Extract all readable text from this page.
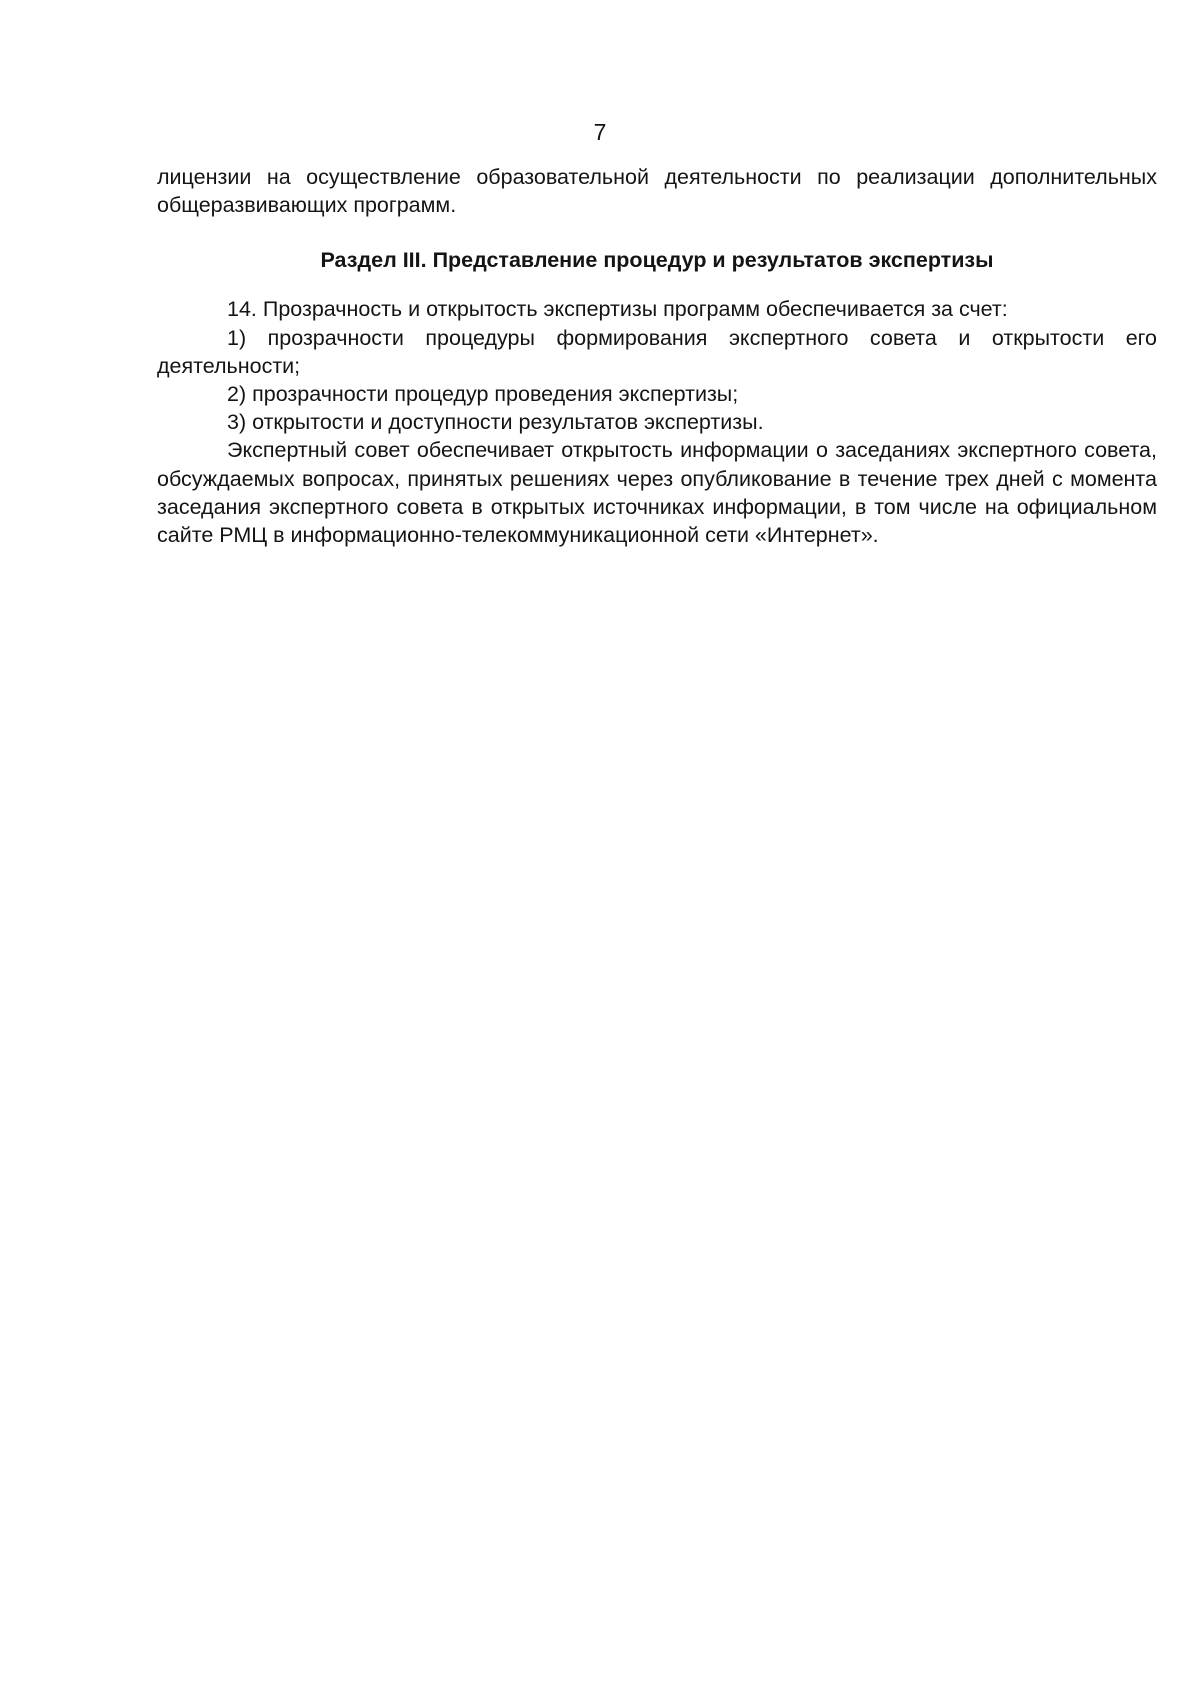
7

лицензии на осуществление образовательной деятельности по реализации дополнительных общеразвивающих программ.

Раздел III. Представление процедур и результатов экспертизы

14. Прозрачность и открытость экспертизы программ обеспечивается за счет:

1) прозрачности процедуры формирования экспертного совета и открытости его деятельности;

2) прозрачности процедур проведения экспертизы;

3) открытости и доступности результатов экспертизы.

Экспертный совет обеспечивает открытость информации о заседаниях экспертного совета, обсуждаемых вопросах, принятых решениях через опубликование в течение трех дней с момента заседания экспертного совета в открытых источниках информации, в том числе на официальном сайте РМЦ в информационно-телекоммуникационной сети «Интернет».
